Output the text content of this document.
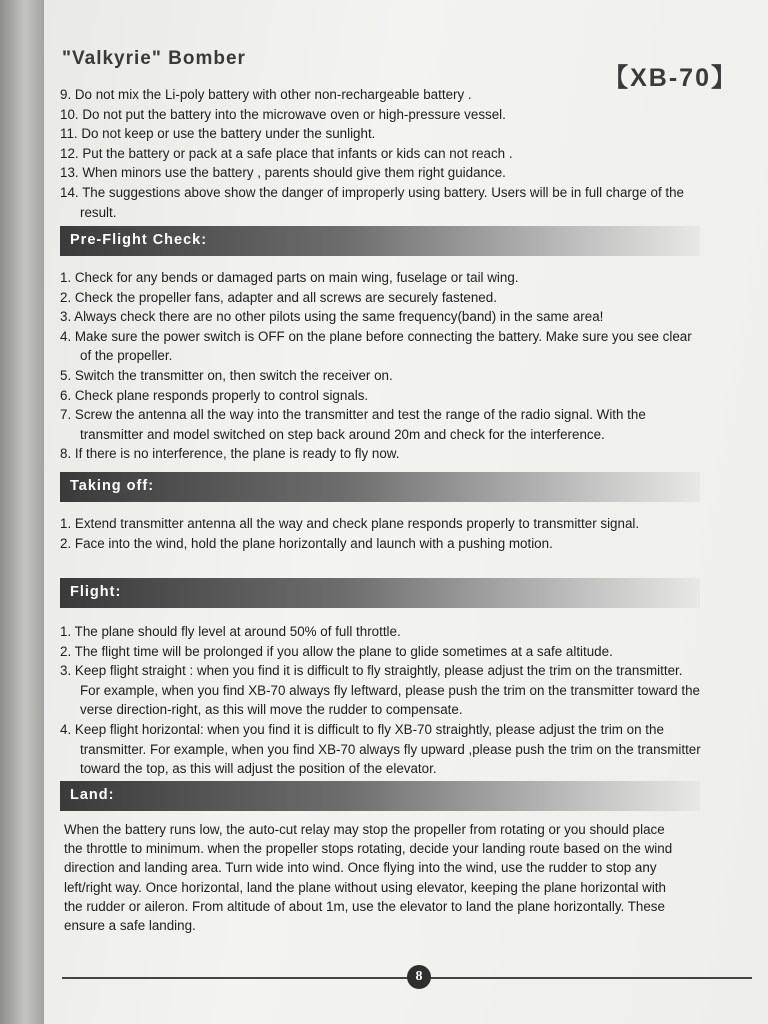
"Valkyrie" Bomber
【XB-70】
9. Do not mix the Li-poly battery with other non-rechargeable battery .
10. Do not put the battery into the microwave oven or high-pressure vessel.
11. Do not keep or use the battery under the sunlight.
12. Put the battery or pack at a safe place that infants or kids can not reach .
13. When minors use the battery , parents should give them right guidance.
14. The suggestions above show the danger of improperly using battery. Users will be in full charge of the result.
Pre-Flight Check:
1. Check for any bends or damaged parts on main wing, fuselage or tail wing.
2. Check the propeller fans, adapter and all screws are securely fastened.
3. Always check there are no other pilots using the same frequency(band) in the same area!
4. Make sure the power switch is OFF on the plane before connecting the battery. Make sure you see clear of the propeller.
5. Switch the transmitter on, then switch the receiver on.
6. Check plane responds properly to control signals.
7. Screw the antenna all the way into the transmitter and test the range of the radio signal. With the transmitter and model switched on step back around 20m and check for the interference.
8. If there is no interference, the plane is ready to fly now.
Taking off:
1. Extend transmitter antenna all the way and check plane responds properly to transmitter signal.
2. Face into the wind, hold the plane horizontally and launch with a pushing motion.
Flight:
1. The plane should fly level at around 50% of full throttle.
2. The flight time will be prolonged if you allow the plane to glide sometimes at a safe altitude.
3. Keep flight straight : when you find it is difficult to fly straightly, please adjust the trim on the transmitter. For example, when you find XB-70 always fly leftward, please push the trim on the transmitter toward the verse direction-right, as this will move the rudder to compensate.
4. Keep flight horizontal: when you find it is difficult to fly XB-70 straightly, please adjust the trim on the transmitter. For example, when you find XB-70 always fly upward ,please push the trim on the transmitter toward the top, as this will adjust the position of the elevator.
Land:

When the battery runs low, the auto-cut relay may stop the propeller from rotating or you should place the throttle to minimum. when the propeller stops rotating, decide your landing route based on the wind direction and landing area. Turn wide into wind. Once flying into the wind, use the rudder to stop any left/right way. Once horizontal, land the plane without using elevator, keeping the plane horizontal with the rudder or aileron. From altitude of about 1m, use the elevator to land the plane horizontally. These ensure a safe landing.

8
